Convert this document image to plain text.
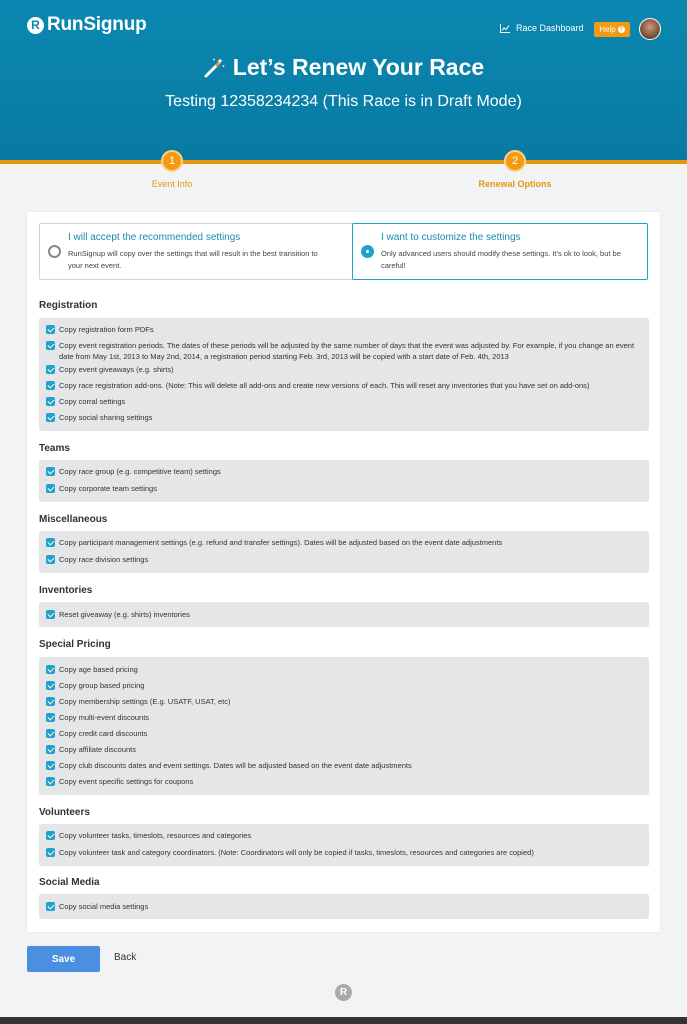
R RunSignup	Race Dashboard Help ?
Let’s Renew Your Race
Testing 12358234234 (This Race is in Draft Mode)
1
Event Info
2
Renewal Options
I will accept the recommended settings
RunSignup will copy over the settings that will result in the best transition to your next event.
I want to customize the settings
Only advanced users should modify these settings. It's ok to look, but be careful!
Registration
Copy registration form PDFs
Copy event registration periods. The dates of these periods will be adjusted by the same number of days that the event was adjusted by. For example, if you change an event date from May 1st, 2013 to May 2nd, 2014, a registration period starting Feb. 3rd, 2013 will be copied with a start date of Feb. 4th, 2013
Copy event giveaways (e.g. shirts)
Copy race registration add-ons. (Note: This will delete all add-ons and create new versions of each. This will reset any inventories that you have set on add-ons)
Copy corral settings
Copy social sharing settings
Teams
Copy race group (e.g. competitive team) settings
Copy corporate team settings
Miscellaneous
Copy participant management settings (e.g. refund and transfer settings). Dates will be adjusted based on the event date adjustments
Copy race division settings
Inventories
Reset giveaway (e.g. shirts) inventories
Special Pricing
Copy age based pricing
Copy group based pricing
Copy membership settings (E.g. USATF, USAT, etc)
Copy multi-event discounts
Copy credit card discounts
Copy affiliate discounts
Copy club discounts dates and event settings. Dates will be adjusted based on the event date adjustments
Copy event specific settings for coupons
Volunteers
Copy volunteer tasks, timeslots, resources and categories
Copy volunteer task and category coordinators. (Note: Coordinators will only be copied if tasks, timeslots, resources and categories are copied)
Social Media
Copy social media settings
Save	Back
R
